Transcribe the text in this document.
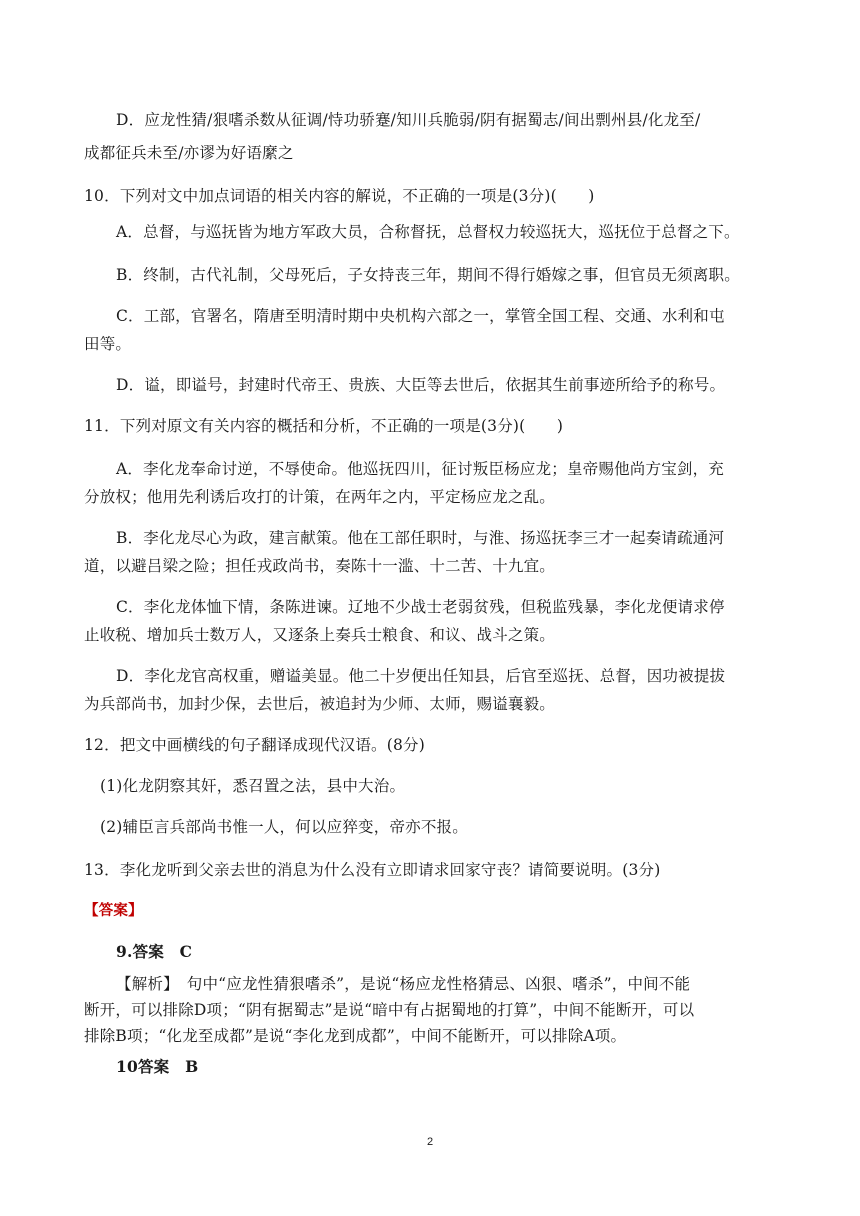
D．应龙性猜/狠嗜杀数从征调/恃功骄蹇/知川兵脆弱/阴有据蜀志/间出剽州县/化龙至/
成都征兵未至/亦谬为好语縻之
10．下列对文中加点词语的相关内容的解说，不正确的一项是(3分)(　　)
A．总督，与巡抚皆为地方军政大员，合称督抚，总督权力较巡抚大，巡抚位于总督之下。
B．终制，古代礼制，父母死后，子女持丧三年，期间不得行婚嫁之事，但官员无须离职。
C．工部，官署名，隋唐至明清时期中央机构六部之一，掌管全国工程、交通、水利和屯
田等。
D．谥，即谥号，封建时代帝王、贵族、大臣等去世后，依据其生前事迹所给予的称号。
11．下列对原文有关内容的概括和分析，不正确的一项是(3分)(　　)
A．李化龙奉命讨逆，不辱使命。他巡抚四川，征讨叛臣杨应龙；皇帝赐他尚方宝剑，充
分放权；他用先利诱后攻打的计策，在两年之内，平定杨应龙之乱。
B．李化龙尽心为政，建言献策。他在工部任职时，与淮、扬巡抚李三才一起奏请疏通河
道，以避吕梁之险；担任戎政尚书，奏陈十一滥、十二苦、十九宜。
C．李化龙体恤下情，条陈进谏。辽地不少战士老弱贫残，但税监残暴，李化龙便请求停
止收税、增加兵士数万人，又逐条上奏兵士粮食、和议、战斗之策。
D．李化龙官高权重，赠谥美显。他二十岁便出任知县，后官至巡抚、总督，因功被提拔
为兵部尚书，加封少保，去世后，被追封为少师、太师，赐谥襄毅。
12．把文中画横线的句子翻译成现代汉语。(8分)
(1)化龙阴察其奸，悉召置之法，县中大治。
(2)辅臣言兵部尚书惟一人，何以应猝变，帝亦不报。
13．李化龙听到父亲去世的消息为什么没有立即请求回家守丧？请简要说明。(3分)
【答案】
9.答案　C
【解析】　句中“应龙性猜狠嗜杀”，是说“杨应龙性格猜忌、凶狠、嗜杀”，中间不能
断开，可以排除D项；“阴有据蜀志”是说“暗中有占据蜀地的打算”，中间不能断开，可以
排除B项；“化龙至成都”是说“李化龙到成都”，中间不能断开，可以排除A项。
10答案　B
2
